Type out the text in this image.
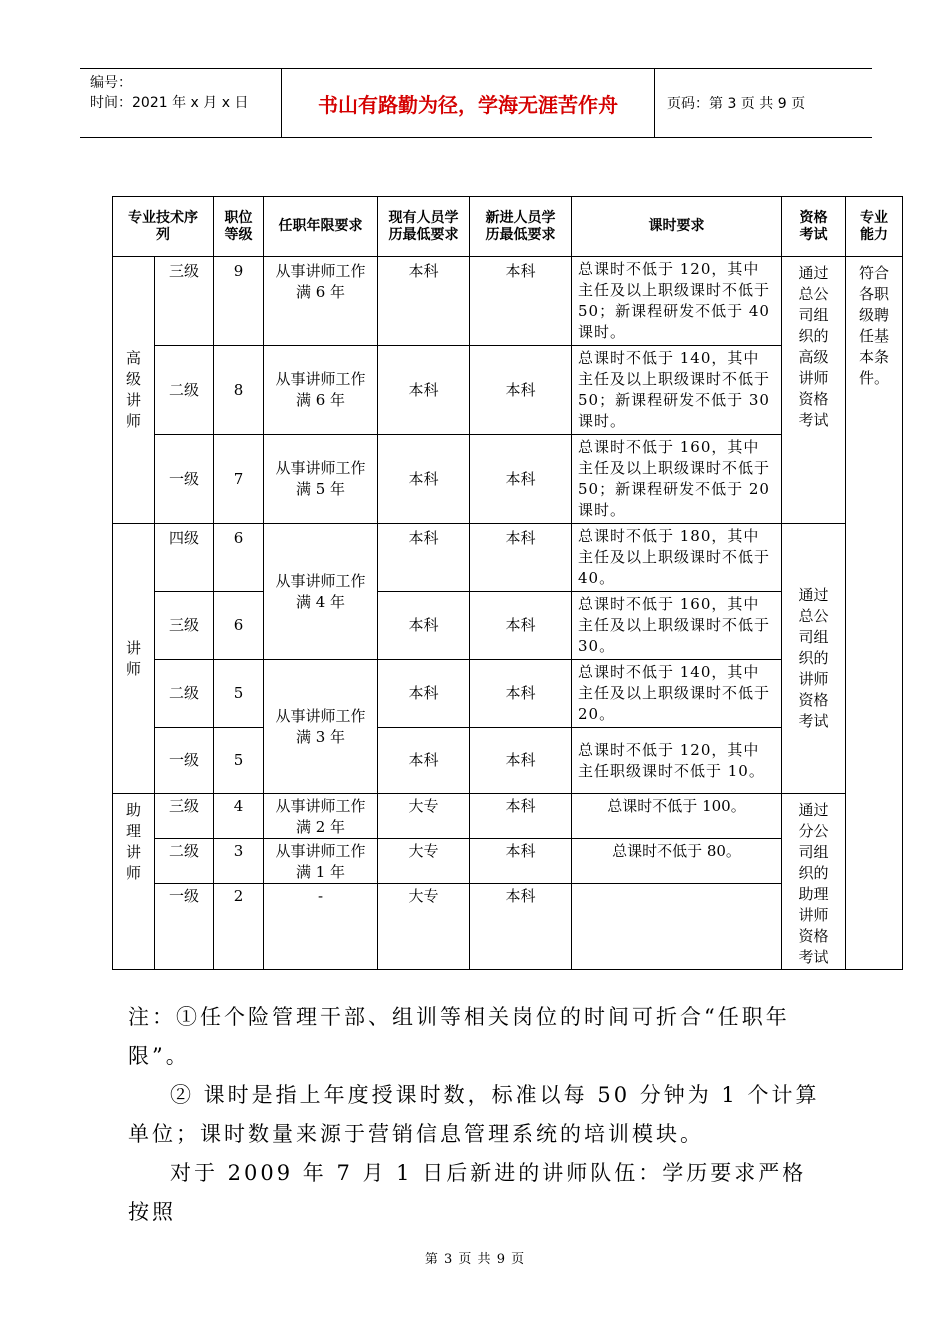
编号：
时间：2021 年 x 月 x 日	书山有路勤为径，学海无涯苦作舟	页码：第 3 页 共 9 页
专业技术序列		职位等级	任职年限要求	现有人员学历最低要求	新进人员学历最低要求	课时要求	资格考试	专业能力

高级讲师	三级	9	从事讲师工作满 6 年	本科	本科	总课时不低于 120，其中主任及以上职级课时不低于 50；新课程研发不低于 40 课时。	通过总公司组织的高级讲师资格考试	符合各职级聘任基本条件。

	二级	8	从事讲师工作满 6 年	本科	本科	总课时不低于 140，其中主任及以上职级课时不低于 50；新课程研发不低于 30 课时。		
	一级	7	从事讲师工作满 5 年	本科	本科	总课时不低于 160，其中主任及以上职级课时不低于 50；新课程研发不低于 20 课时。		

讲师	四级	6	从事讲师工作满 4 年	本科	本科	总课时不低于 180，其中主任及以上职级课时不低于 40。	通过总公司组织的讲师资格考试	

	三级	6		本科	本科	总课时不低于 160，其中主任及以上职级课时不低于 30。		
	二级	5	从事讲师工作满 3 年	本科	本科	总课时不低于 140，其中主任及以上职级课时不低于 20。		
	一级	5		本科	本科	总课时不低于 120，其中主任职级课时不低于 10。		

助理讲师	三级	4	从事讲师工作满 2 年	大专	本科	总课时不低于 100。	通过分公司组织的助理讲师资格考试	

	二级	3	从事讲师工作满 1 年	大专	本科	总课时不低于 80。		
	一级	2	-	大专	本科			

注：①任个险管理干部、组训等相关岗位的时间可折合“任职年限”。

② 课时是指上年度授课时数，标准以每 50 分钟为 1 个计算单位；课时数量来源于营销信息管理系统的培训模块。

对于 2009 年 7 月 1 日后新进的讲师队伍：学历要求严格按照

第 3 页 共 9 页
